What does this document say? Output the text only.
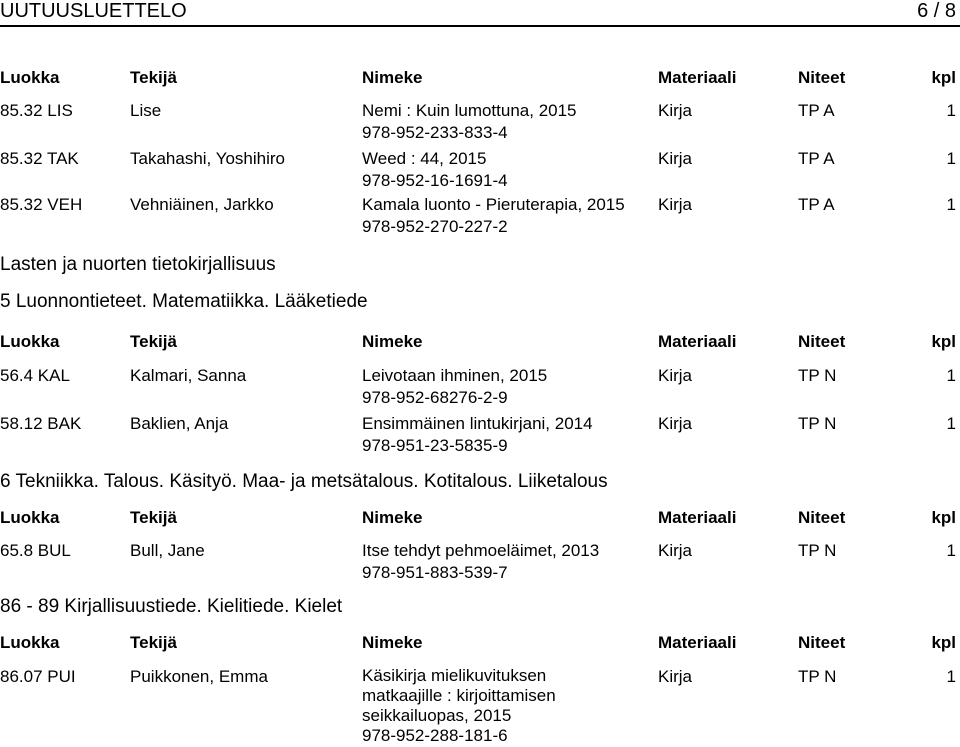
UUTUUSLUETTELO	6 / 8
Luokka	Tekijä	Nimeke	Materiaali	Niteet	kpl
85.32 LIS	Lise	Nemi : Kuin lumottuna, 2015
978-952-233-833-4
Kirja	TP A	1
85.32 TAK	Takahashi, Yoshihiro	Weed : 44, 2015
978-952-16-1691-4
Kirja	TP A	1
85.32 VEH	Vehniäinen, Jarkko	Kamala luonto - Pieruterapia, 2015
978-952-270-227-2
Kirja	TP A	1
Lasten ja nuorten tietokirjallisuus
5 Luonnontieteet. Matematiikka. Lääketiede
Luokka	Tekijä	Nimeke	Materiaali	Niteet	kpl
56.4 KAL	Kalmari, Sanna	Leivotaan ihminen, 2015
978-952-68276-2-9
Kirja	TP N	1
58.12 BAK	Baklien, Anja	Ensimmäinen lintukirjani, 2014
978-951-23-5835-9
Kirja	TP N	1
6 Tekniikka. Talous. Käsityö. Maa- ja metsätalous. Kotitalous. Liiketalous
Luokka	Tekijä	Nimeke	Materiaali	Niteet	kpl
65.8 BUL	Bull, Jane	Itse tehdyt pehmoeläimet, 2013
978-951-883-539-7
Kirja	TP N	1
86 - 89 Kirjallisuustiede. Kielitiede. Kielet
Luokka	Tekijä	Nimeke	Materiaali	Niteet	kpl
86.07 PUI	Puikkonen, Emma	Käsikirja mielikuvituksen
matkaajille : kirjoittamisen
seikkailuopas, 2015
978-952-288-181-6
Kirja	TP N	1
